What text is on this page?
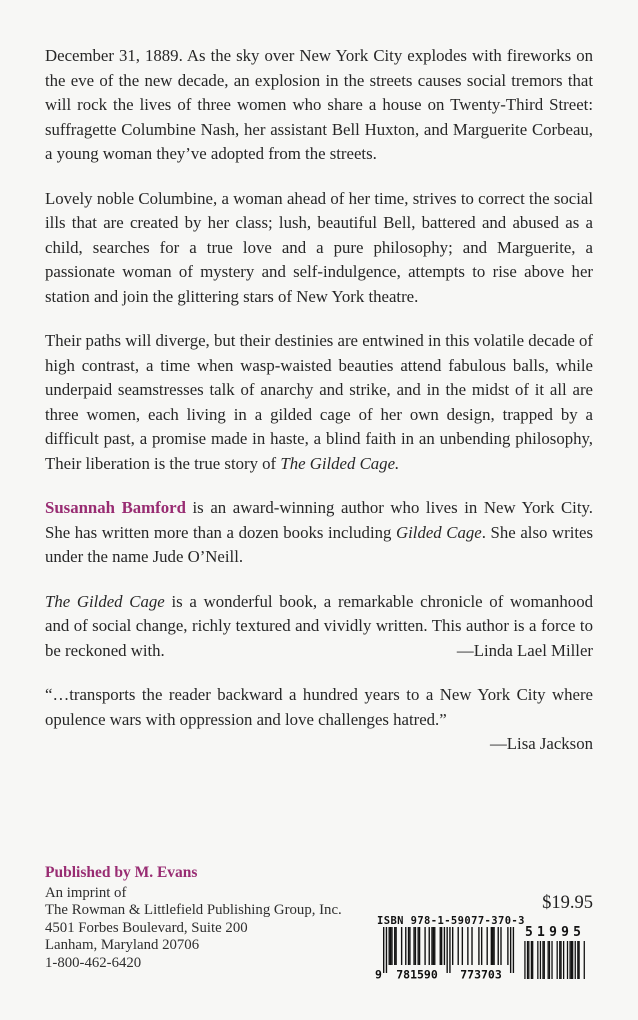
December 31, 1889. As the sky over New York City explodes with fireworks on the eve of the new decade, an explosion in the streets causes social tremors that will rock the lives of three women who share a house on Twenty-Third Street: suffragette Columbine Nash, her assistant Bell Huxton, and Marguerite Corbeau, a young woman they’ve adopted from the streets.

Lovely noble Columbine, a woman ahead of her time, strives to correct the social ills that are created by her class; lush, beautiful Bell, battered and abused as a child, searches for a true love and a pure philosophy; and Marguerite, a passionate woman of mystery and self-indulgence, attempts to rise above her station and join the glittering stars of New York theatre.

Their paths will diverge, but their destinies are entwined in this volatile decade of high contrast, a time when wasp-waisted beauties attend fabulous balls, while underpaid seamstresses talk of anarchy and strike, and in the midst of it all are three women, each living in a gilded cage of her own design, trapped by a difficult past, a promise made in haste, a blind faith in an unbending philosophy, Their liberation is the true story of The Gilded Cage.

Susannah Bamford is an award-winning author who lives in New York City. She has written more than a dozen books including Gilded Cage. She also writes under the name Jude O’Neill.

The Gilded Cage is a wonderful book, a remarkable chronicle of womanhood and of social change, richly textured and vividly written. This author is a force to be reckoned with.	—Linda Lael Miller

“…transports the reader backward a hundred years to a New York City where opulence wars with oppression and love challenges hatred.”

—Lisa Jackson
Published by M. Evans
An imprint of
The Rowman & Littlefield Publishing Group, Inc.
4501 Forbes Boulevard, Suite 200
Lanham, Maryland 20706
1-800-462-6420
$19.95
ISBN 978-1-59077-370-3
9 781590 773703
5 1 9 9 5
